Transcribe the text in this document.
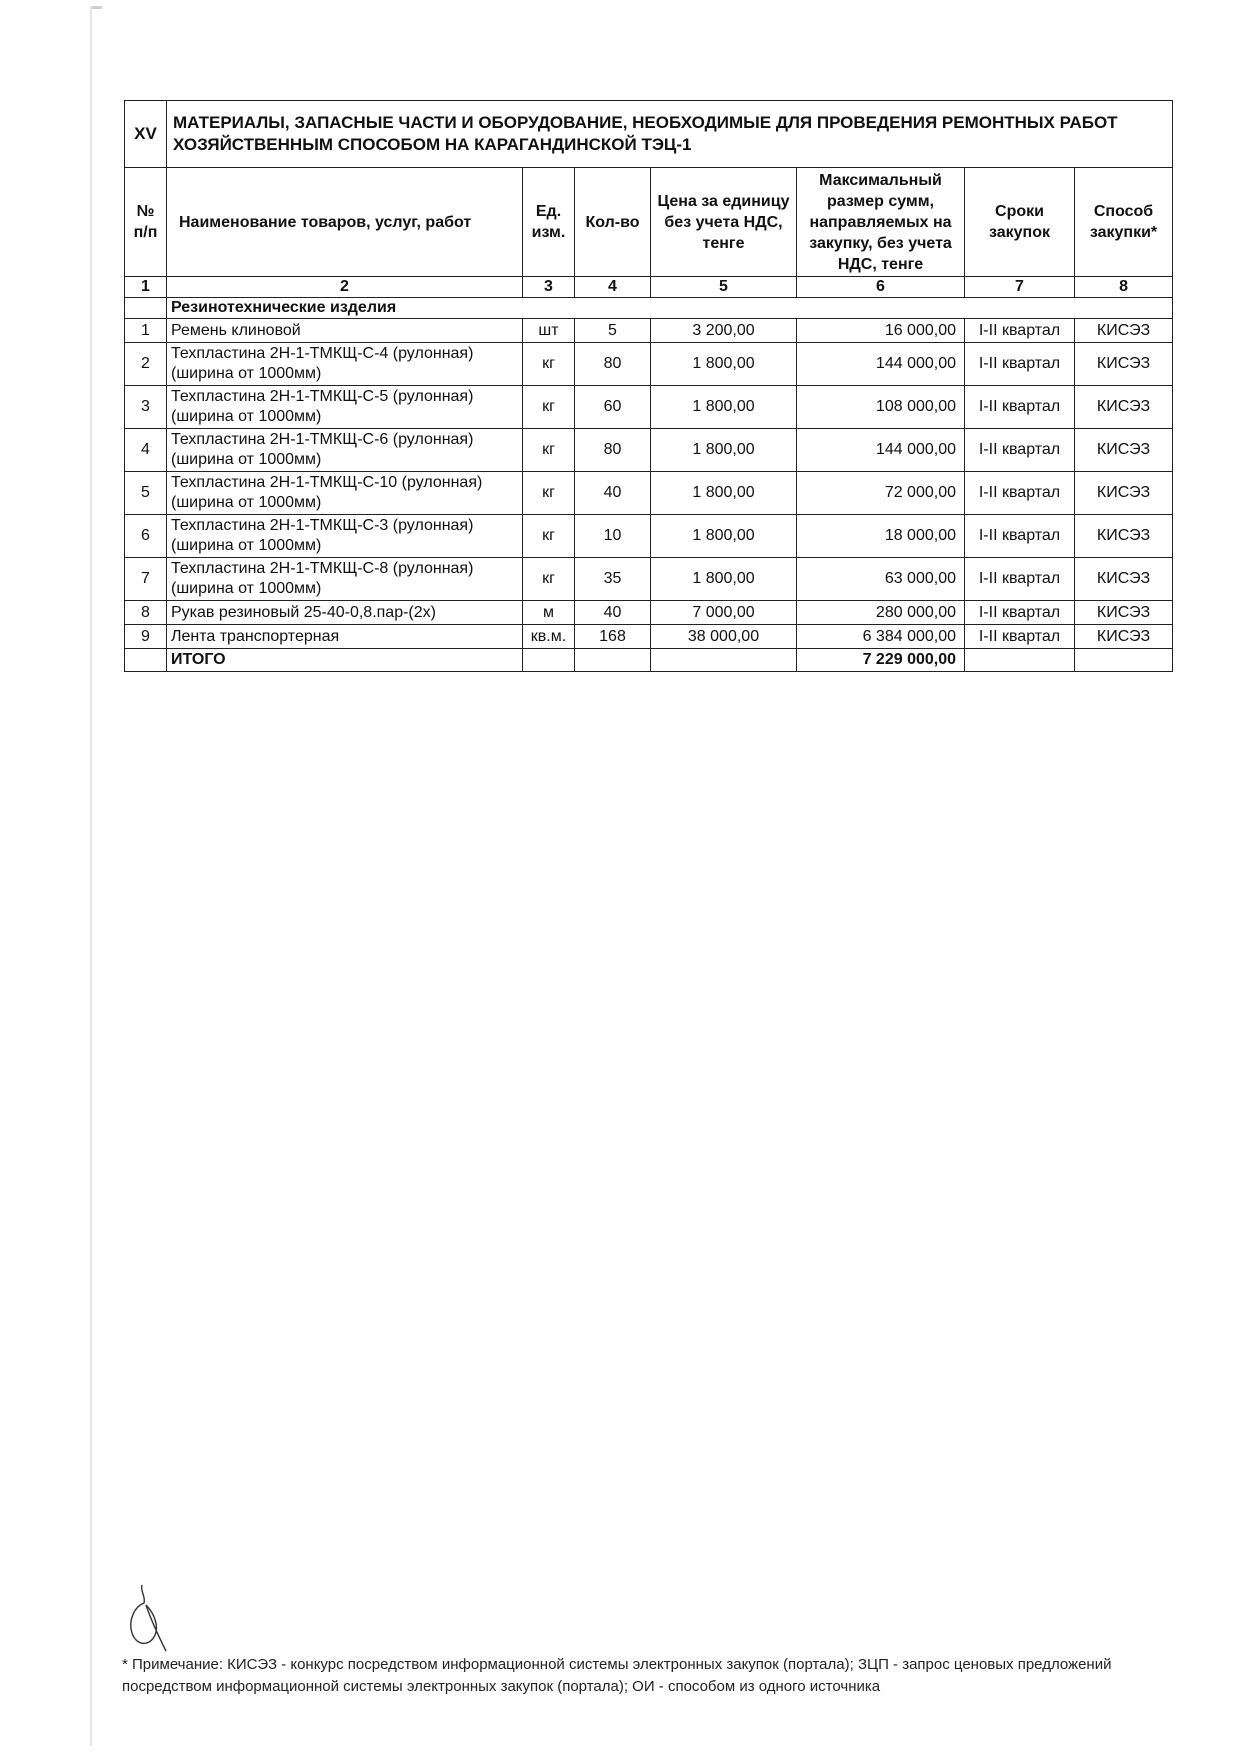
XV	МАТЕРИАЛЫ, ЗАПАСНЫЕ ЧАСТИ И ОБОРУДОВАНИЕ, НЕОБХОДИМЫЕ ДЛЯ ПРОВЕДЕНИЯ РЕМОНТНЫХ РАБОТ ХОЗЯЙСТВЕННЫМ СПОСОБОМ НА КАРАГАНДИНСКОЙ ТЭЦ-1						
№ п/п	Наименование товаров, услуг, работ	Ед. изм.	Кол-во	Цена за единицу без учета НДС, тенге	Максимальный размер сумм, направляемых на закупку, без учета НДС, тенге	Сроки закупок	Способ закупки*
1	2	3	4	5	6	7	8
	Резинотехнические изделия						
1	Ремень клиновой	шт	5	3 200,00	16 000,00	I-II квартал	КИСЭЗ
2	Техпластина 2Н-1-ТМКЩ-С-4 (рулонная) (ширина от 1000мм)	кг	80	1 800,00	144 000,00	I-II квартал	КИСЭЗ
3	Техпластина 2Н-1-ТМКЩ-С-5 (рулонная) (ширина от 1000мм)	кг	60	1 800,00	108 000,00	I-II квартал	КИСЭЗ
4	Техпластина 2Н-1-ТМКЩ-С-6 (рулонная) (ширина от 1000мм)	кг	80	1 800,00	144 000,00	I-II квартал	КИСЭЗ
5	Техпластина 2Н-1-ТМКЩ-С-10 (рулонная) (ширина от 1000мм)	кг	40	1 800,00	72 000,00	I-II квартал	КИСЭЗ
6	Техпластина 2Н-1-ТМКЩ-С-3 (рулонная) (ширина от 1000мм)	кг	10	1 800,00	18 000,00	I-II квартал	КИСЭЗ
7	Техпластина 2Н-1-ТМКЩ-С-8 (рулонная) (ширина от 1000мм)	кг	35	1 800,00	63 000,00	I-II квартал	КИСЭЗ
8	Рукав резиновый 25-40-0,8.пар-(2х)	м	40	7 000,00	280 000,00	I-II квартал	КИСЭЗ
9	Лента транспортерная	кв.м.	168	38 000,00	6 384 000,00	I-II квартал	КИСЭЗ
	ИТОГО				7 229 000,00		
* Примечание: КИСЭЗ - конкурс посредством информационной системы электронных закупок (портала); ЗЦП - запрос ценовых предложений посредством информационной системы электронных закупок (портала); ОИ - способом из одного источника
